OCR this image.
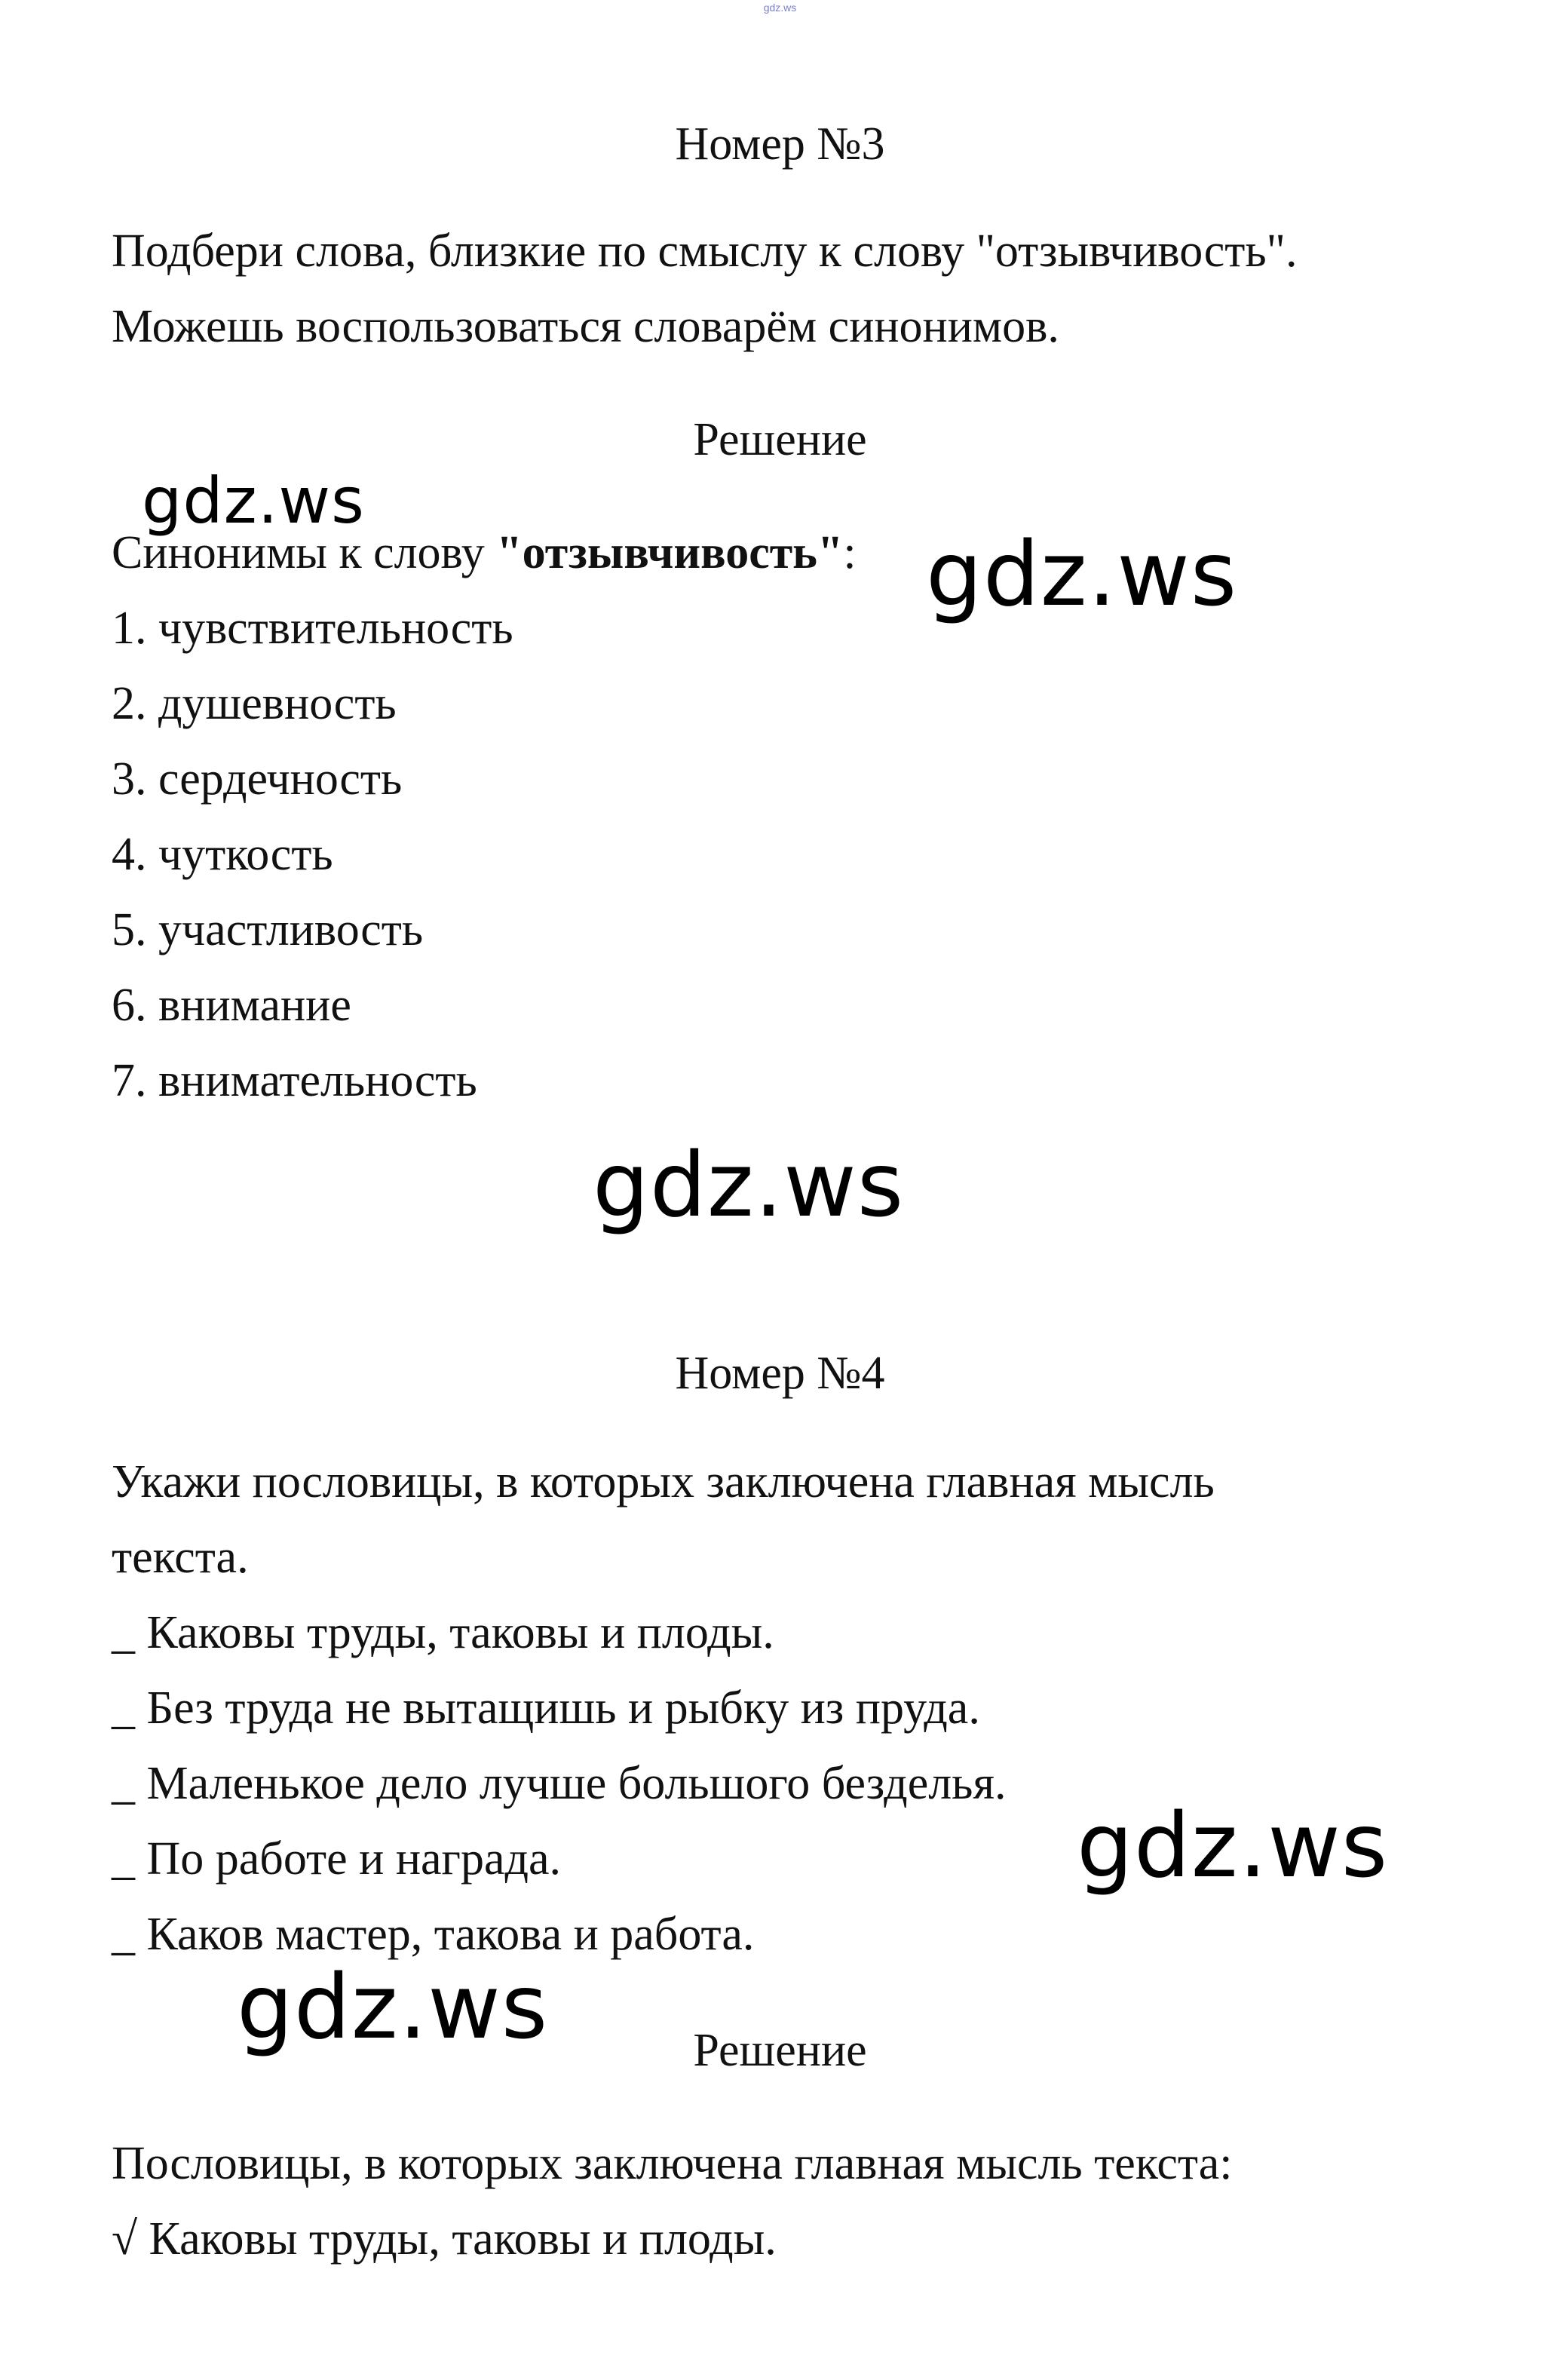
gdz.ws
Номер №3
Подбери слова, близкие по смыслу к слову "отзывчивость".
Можешь воспользоваться словарём синонимов.
Решение
Синонимы к слову "отзывчивость":
1. чувствительность
2. душевность
3. сердечность
4. чуткость
5. участливость
6. внимание
7. внимательность
Номер №4
Укажи пословицы, в которых заключена главная мысль
текста.
_ Каковы труды, таковы и плоды.
_ Без труда не вытащишь и рыбку из пруда.
_ Маленькое дело лучше большого безделья.
_ По работе и награда.
_ Каков мастер, такова и работа.
Решение
Пословицы, в которых заключена главная мысль текста:
√ Каковы труды, таковы и плоды.
gdz.ws
gdz.ws
gdz.ws
gdz.ws
gdz.ws
